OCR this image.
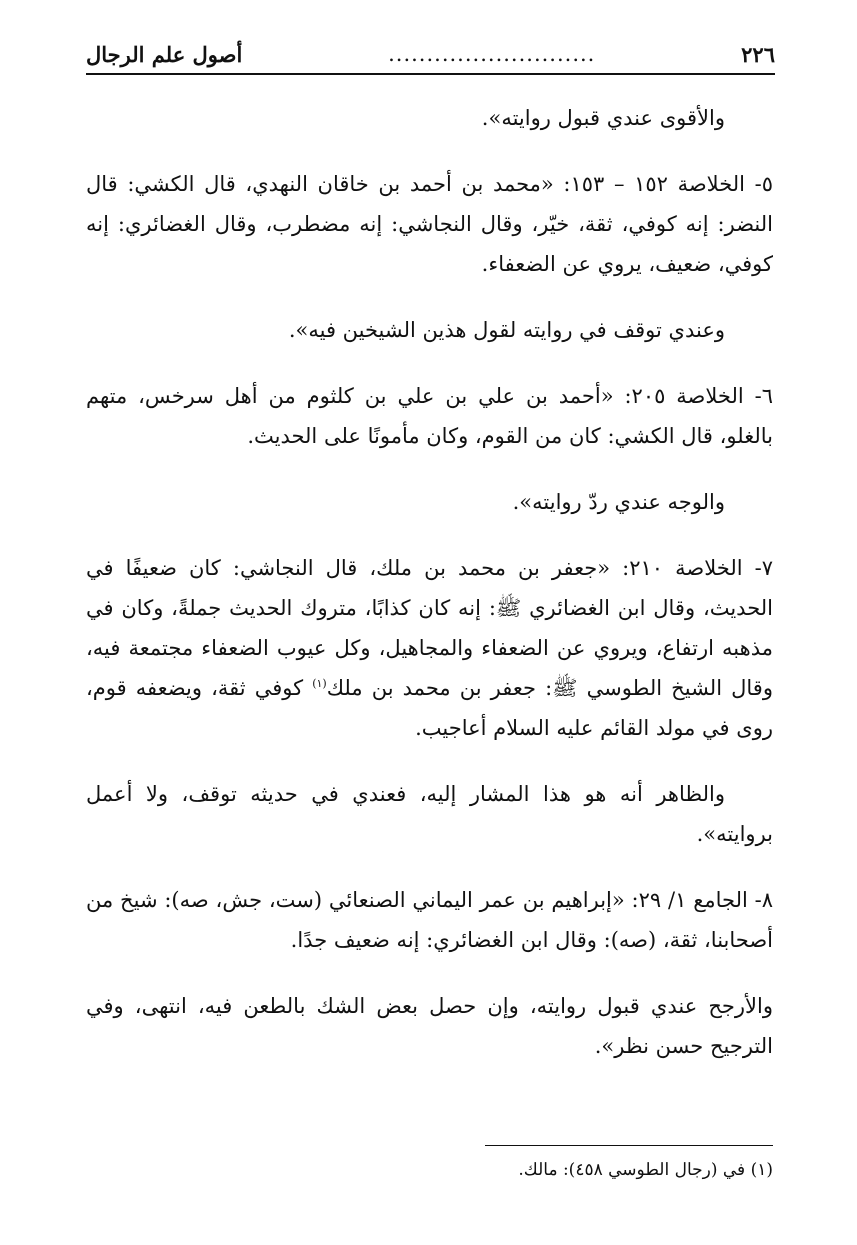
٢٢٦
...........................
أصول علم الرجال

والأقوى عندي قبول روايته».

٥- الخلاصة ١٥٢ – ١٥٣: «محمد بن أحمد بن خاقان النهدي، قال الكشي: قال النضر: إنه كوفي، ثقة، خيّر، وقال النجاشي: إنه مضطرب، وقال الغضائري: إنه كوفي، ضعيف، يروي عن الضعفاء.

وعندي توقف في روايته لقول هذين الشيخين فيه».

٦- الخلاصة ٢٠٥: «أحمد بن علي بن علي بن كلثوم من أهل سرخس، متهم بالغلو، قال الكشي: كان من القوم، وكان مأمونًا على الحديث.

والوجه عندي ردّ روايته».

٧- الخلاصة ٢١٠: «جعفر بن محمد بن ملك، قال النجاشي: كان ضعيفًا في الحديث، وقال ابن الغضائري ﷺ: إنه كان كذابًا، متروك الحديث جملةً، وكان في مذهبه ارتفاع، ويروي عن الضعفاء والمجاهيل، وكل عيوب الضعفاء مجتمعة فيه، وقال الشيخ الطوسي ﷺ: جعفر بن محمد بن ملك$^{(١)}$ كوفي ثقة، ويضعفه قوم، روى في مولد القائم عليه السلام أعاجيب.

والظاهر أنه هو هذا المشار إليه، فعندي في حديثه توقف، ولا أعمل بروايته».

٨- الجامع ١/ ٢٩: «إبراهيم بن عمر اليماني الصنعائي (ست، جش، صه): شيخ من أصحابنا، ثقة، (صه): وقال ابن الغضائري: إنه ضعيف جدًا.

والأرجح عندي قبول روايته، وإن حصل بعض الشك بالطعن فيه، انتهى، وفي الترجيح حسن نظر».

(١) في (رجال الطوسي ٤٥٨): مالك.
